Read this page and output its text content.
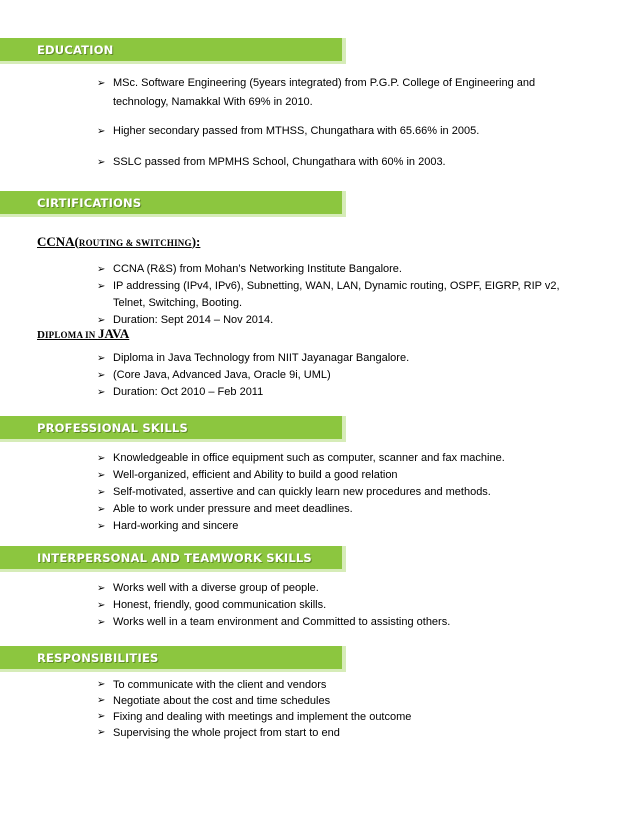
EDUCATION
➢ MSc. Software Engineering (5years integrated) from P.G.P. College of Engineering and
technology, Namakkal With 69% in 2010.
➢ Higher secondary passed from MTHSS, Chungathara with 65.66% in 2005.
➢ SSLC passed from MPMHS School, Chungathara with 60% in 2003.
CIRTIFICATIONS
CCNA(ROUTING & SWITCHING):
➢ CCNA (R&S) from Mohan’s Networking Institute Bangalore.
➢ IP addressing (IPv4, IPv6), Subnetting, WAN, LAN, Dynamic routing, OSPF, EIGRP, RIP v2,
Telnet, Switching, Booting.
➢ Duration: Sept 2014 – Nov 2014.
DIPLOMA IN JAVA
➢ Diploma in Java Technology from NIIT Jayanagar Bangalore.
➢ (Core Java, Advanced Java, Oracle 9i, UML)
➢ Duration: Oct 2010 – Feb 2011
PROFESSIONAL SKILLS
➢ Knowledgeable in office equipment such as computer, scanner and fax machine.
➢ Well-organized, efficient and Ability to build a good relation
➢ Self-motivated, assertive and can quickly learn new procedures and methods.
➢ Able to work under pressure and meet deadlines.
➢ Hard-working and sincere
INTERPERSONAL AND TEAMWORK SKILLS
➢ Works well with a diverse group of people.
➢ Honest, friendly, good communication skills.
➢ Works well in a team environment and Committed to assisting others.
RESPONSIBILITIES
➢ To communicate with the client and vendors
➢ Negotiate about the cost and time schedules
➢ Fixing and dealing with meetings and implement the outcome
➢ Supervising the whole project from start to end
